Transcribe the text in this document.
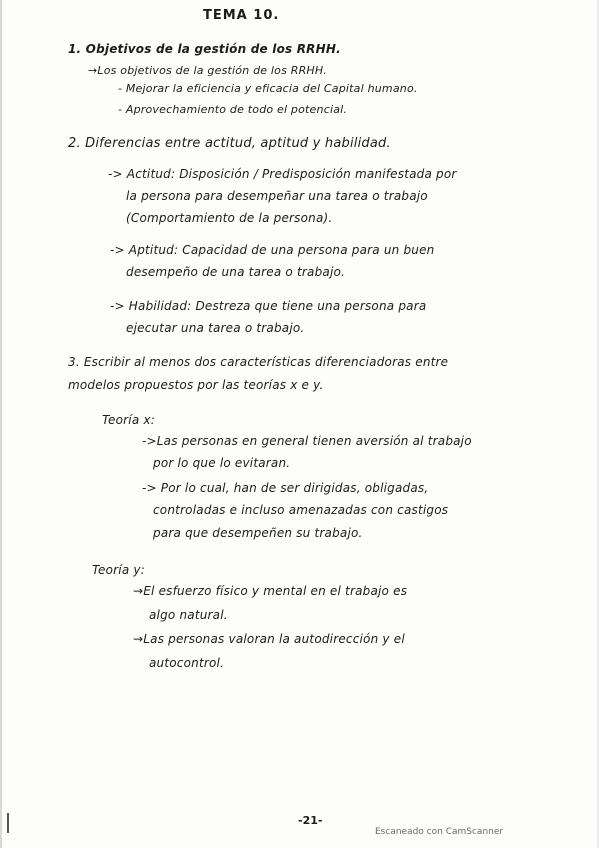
TEMA 10.
1. Objetivos de la gestión de los RRHH.
→Los objetivos de la gestión de los RRHH.
- Mejorar la eficiencia y eficacia del Capital humano.
- Aprovechamiento de todo el potencial.
2. Diferencias entre actitud, aptitud y habilidad.
-> Actitud: Disposición / Predisposición manifestada por
la persona para desempeñar una tarea o trabajo
(Comportamiento de la persona).
-> Aptitud: Capacidad de una persona para un buen
desempeño de una tarea o trabajo.
-> Habilidad: Destreza que tiene una persona para
ejecutar una tarea o trabajo.
3. Escribir al menos dos características diferenciadoras entre
modelos propuestos por las teorías x e y.
Teoría x:
->Las personas en general tienen aversión al trabajo
por lo que lo evitaran.
-> Por lo cual, han de ser dirigidas, obligadas,
controladas e incluso amenazadas con castigos
para que desempeñen su trabajo.
Teoría y:
→El esfuerzo físico y mental en el trabajo es
algo natural.
→Las personas valoran la autodirección y el
autocontrol.
-21-
Escaneado con CamScanner
